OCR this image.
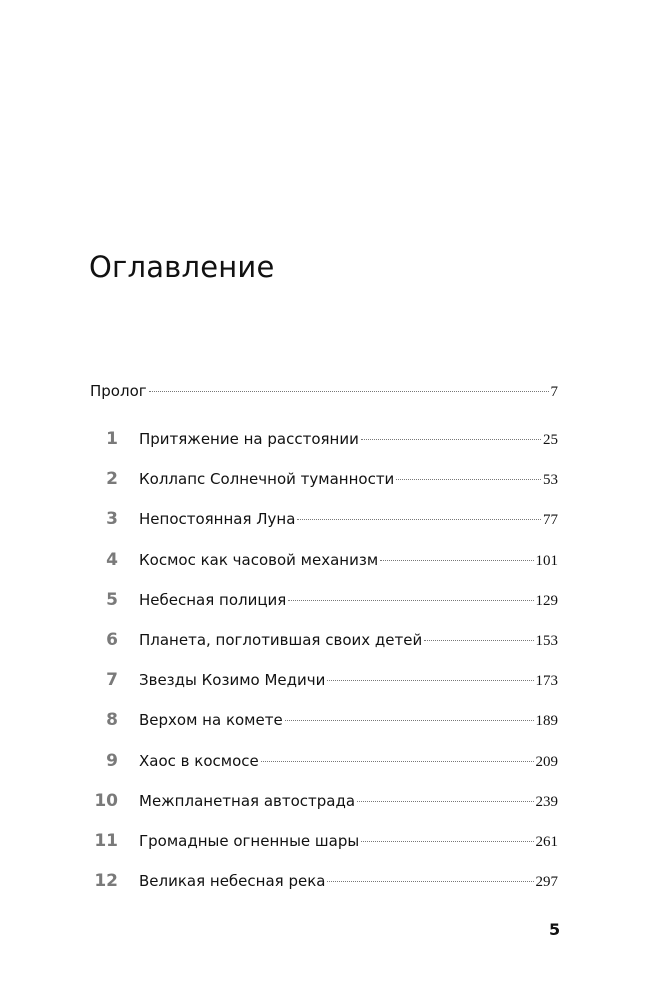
Оглавление
Пролог	7
1 Притяжение на расстоянии	25
2 Коллапс Солнечной туманности	53
3 Непостоянная Луна	77
4 Космос как часовой механизм	101
5 Небесная полиция	129
6 Планета, поглотившая своих детей	153
7 Звезды Козимо Медичи	173
8 Верхом на комете	189
9 Хаос в космосе	209
10 Межпланетная автострада	239
11 Громадные огненные шары	261
12 Великая небесная река	297
5
